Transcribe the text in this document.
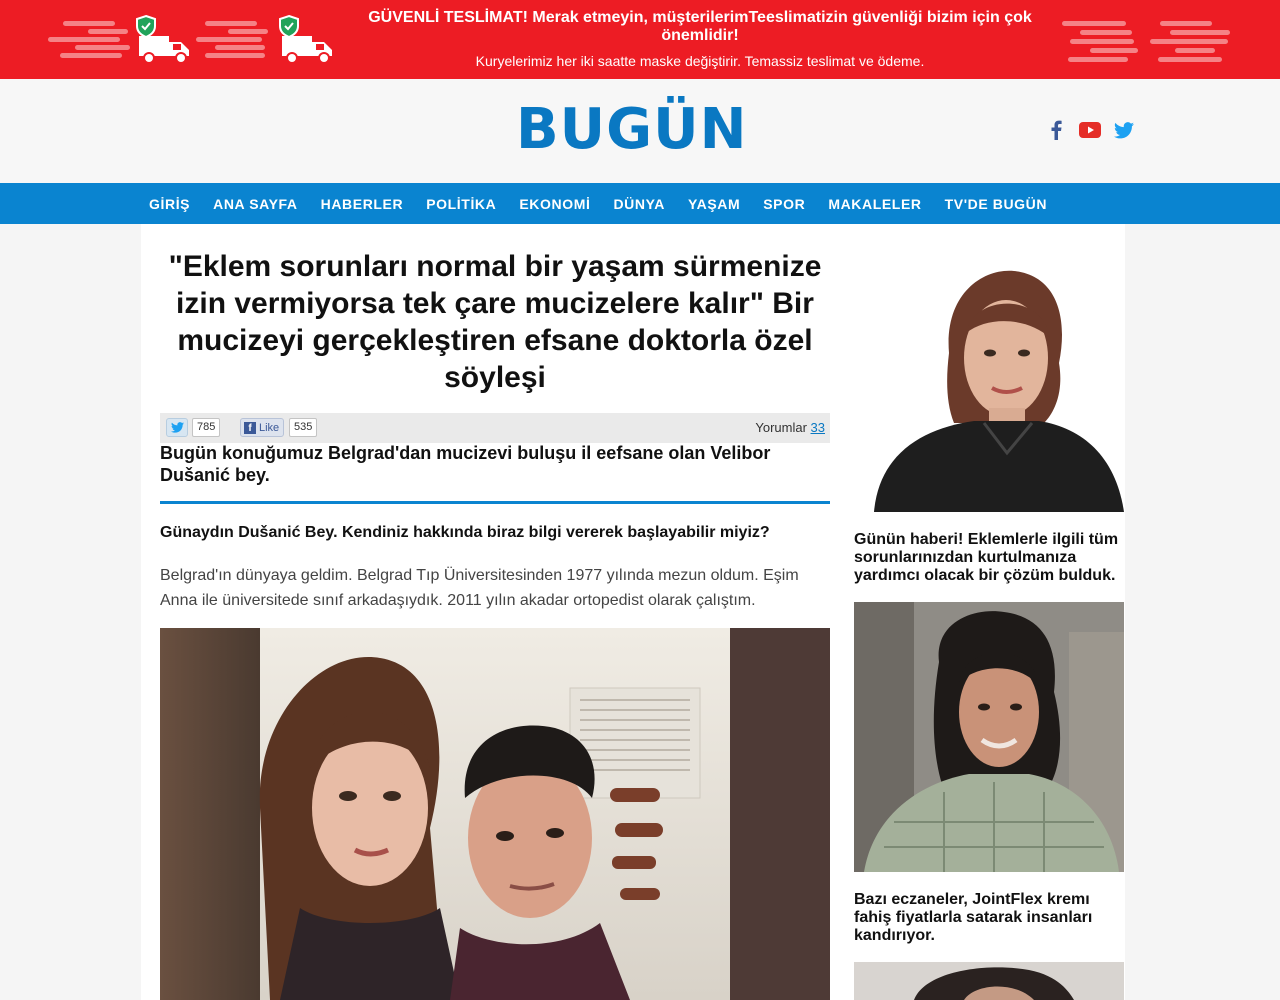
GÜVENLİ TESLİMAT! Merak etmeyin, müşterilerimTeeslimatizin güvenliği bizim için çok önemlidir!
Kuryelerimiz her iki saatte maske değiştirir. Temassiz teslimat ve ödeme.
BUGÜN
GİRİŞ ANA SAYFA HABERLER POLİTİKA EKONOMİ DÜNYA YAŞAM SPOR MAKALELER TV'DE BUGÜN
"Eklem sorunları normal bir yaşam sürmenize izin vermiyorsa tek çare mucizelere kalır" Bir mucizeyi gerçekleştiren efsane doktorla özel söyleşi
785	f Like	535	Yorumlar 33

Bugün konuğumuz Belgrad'dan mucizevi buluşu il eefsane olan Velibor Dušanić bey.

Günaydın Dušanić Bey. Kendiniz hakkında biraz bilgi vererek başlayabilir miyiz?

Belgrad'ın dünyaya geldim. Belgrad Tıp Üniversitesinden 1977 yılında mezun oldum. Eşim Anna ile üniversitede sınıf arkadaşıydık. 2011 yılın akadar ortopedist olarak çalıştım.

Günün haberi! Eklemlerle ilgili tüm sorunlarınızdan kurtulmanıza yardımcı olacak bir çözüm bulduk.

Bazı eczaneler, JointFlex kremı fahiş fiyatlarla satarak insanları kandırıyor.
